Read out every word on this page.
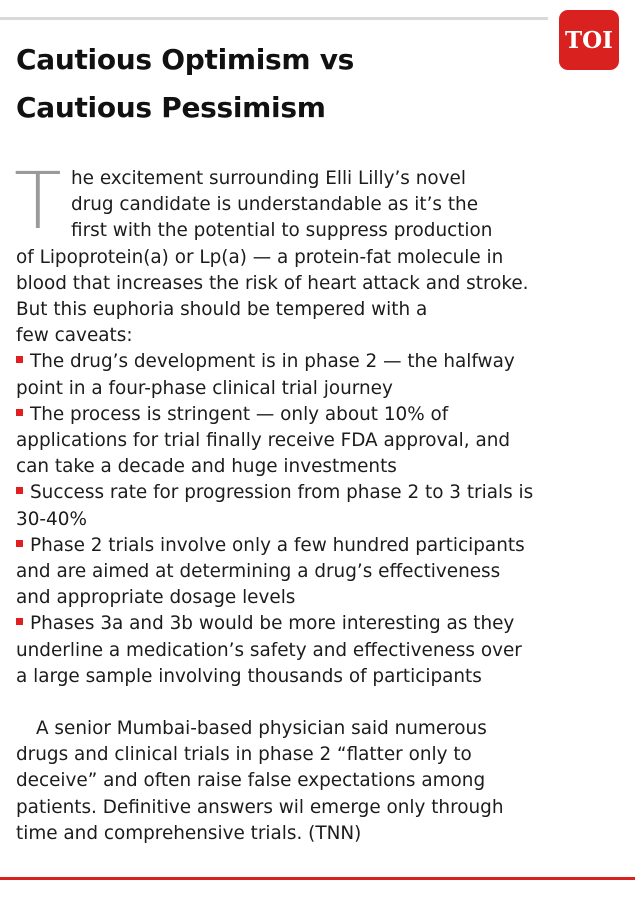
TOI
Cautious Optimism vs
Cautious Pessimism
T he excitement surrounding Elli Lilly’s novel
drug candidate is understandable as it’s the
first with the potential to suppress production
of Lipoprotein(a) or Lp(a) — a protein-fat molecule in
blood that increases the risk of heart attack and stroke.
But this euphoria should be tempered with a
few caveats:
The drug’s development is in phase 2 — the halfway
point in a four-phase clinical trial journey
The process is stringent — only about 10% of
applications for trial finally receive FDA approval, and
can take a decade and huge investments
Success rate for progression from phase 2 to 3 trials is
30-40%
Phase 2 trials involve only a few hundred participants
and are aimed at determining a drug’s effectiveness
and appropriate dosage levels
Phases 3a and 3b would be more interesting as they
underline a medication’s safety and effectiveness over
a large sample involving thousands of participants
A senior Mumbai-based physician said numerous
drugs and clinical trials in phase 2 “flatter only to
deceive” and often raise false expectations among
patients. Definitive answers wil emerge only through
time and comprehensive trials. (TNN)
